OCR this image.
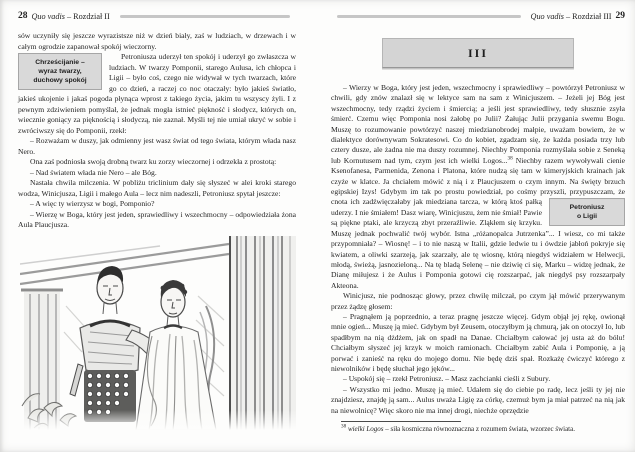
28 Quo vadis – Rozdział II

sów uczyniły się jeszcze wyrazistsze niż w dzień biały, zaś w ludziach, w drzewach i w całym ogrodzie zapanował spokój wieczorny.

Chrześcijanie –
wyraz twarzy,
duchowy spokój

Petroniusza uderzył ten spokój i uderzył go zwłaszcza w ludziach. W twarzy Pomponii, starego Aulusa, ich chłopca i Ligii – było coś, czego nie widywał w tych twarzach, które go co dzień, a raczej co noc otaczały: było jakieś światło, jakieś ukojenie i jakaś pogoda płynąca wprost z takiego życia, jakim tu wszyscy żyli. I z pewnym zdziwieniem pomyślał, że jednak mogła istnieć piękność i słodycz, których on, wiecznie goniący za pięknością i słodyczą, nie zaznał. Myśli tej nie umiał ukryć w sobie i zwróciwszy się do Pomponii, rzekł:

– Rozważam w duszy, jak odmienny jest wasz świat od tego świata, którym włada nasz Nero.

Ona zaś podniosła swoją drobną twarz ku zorzy wieczornej i odrzekła z prostotą:

– Nad światem włada nie Nero – ale Bóg.

Nastała chwila milczenia. W pobliżu triclinium dały się słyszeć w alei kroki starego wodza, Winicjusza, Ligii i małego Aula – lecz nim nadeszli, Petroniusz spytał jeszcze:

– A więc ty wierzysz w bogi, Pomponio?

– Wierzę w Boga, który jest jeden, sprawiedliwy i wszechmocny – odpowiedziała żona Aula Plaucjusza.

Quo vadis – Rozdział III 29
III

– Wierzy w Boga, który jest jeden, wszechmocny i sprawiedliwy – powtórzył Petroniusz w chwili, gdy znów znalazł się w lektyce sam na sam z Winicjuszem. – Jeżeli jej Bóg jest wszechmocny, tedy rządzi życiem i śmiercią; a jeśli jest sprawiedliwy, tedy słusznie zsyła śmierć. Czemu więc Pomponia nosi żałobę po Julii? Żałując Julii przygania swemu Bogu. Muszę to rozumowanie powtórzyć naszej miedzianobrodej małpie, uważam bowiem, że w dialektyce dorównywam Sokratesowi. Co do kobiet, zgadzam się, że każda posiada trzy lub cztery dusze, ale żadna nie ma duszy rozumnej. Niechby Pomponia rozmyślała sobie z Seneką lub Kornutusem nad tym, czym jest ich wielki Logos...$^{38}$ Niechby razem wywoływali cienie Ksenofanesa, Parmenida, Zenona i Platona, które nudzą się tam w kimeryjskich krainach jak czyże w klatce. Ja chciałem mówić z nią i z Plaucjuszem o czym innym. Na święty brzuch egipskiej Izys! Gdybym im tak po prostu powiedział, po cośmy przyszli, przypuszczam, że
Petroniusz
o Ligii
cnota ich zadźwięczałaby jak miedziana tarcza, w którą ktoś pałką uderzy. I nie śmiałem! Dasz wiarę, Winicjuszu, żem nie śmiał! Pawie są piękne ptaki, ale krzyczą zbyt przeraźliwie. Zląkłem się krzyku. Muszę jednak pochwalić twój wybór. Istna „różanopalca Jutrzenka”... I wiesz, co mi także przypomniała? – Wiosnę! – i to nie naszą w Italii, gdzie ledwie tu i ówdzie jabłoń pokryje się kwiatem, a oliwki szarzeją, jak szarzały, ale tę wiosnę, którą niegdyś widziałem w Helwecji, młodą, świeżą, jasnozieloną... Na tę bladą Selenę – nie dziwię ci się, Marku – widzę jednak, że Dianę miłujesz i że Aulus i Pomponia gotowi cię rozszarpać, jak niegdyś psy rozszarpały Akteona.

Winicjusz, nie podnosząc głowy, przez chwilę milczał, po czym jął mówić przerywanym przez żądzę głosem:

– Pragnąłem ją poprzednio, a teraz pragnę jeszcze więcej. Gdym objął jej rękę, owionął mnie ogień... Muszę ją mieć. Gdybym był Zeusem, otoczyłbym ją chmurą, jak on otoczył Io, lub spadłbym na nią dżdżem, jak on spadł na Danae. Chciałbym całować jej usta aż do bólu! Chciałbym słyszeć jej krzyk w moich ramionach. Chciałbym zabić Aula i Pomponię, a ją porwać i zanieść na ręku do mojego domu. Nie będę dziś spał. Rozkażę ćwiczyć którego z niewolników i będę słuchał jego jęków...

– Uspokój się – rzekł Petroniusz. – Masz zachcianki cieśli z Subury.

– Wszystko mi jedno. Muszę ją mieć. Udałem się do ciebie po radę, lecz jeśli ty jej nie znajdziesz, znajdę ją sam... Aulus uważa Ligię za córkę, czemuż bym ja miał patrzeć na nią jak na niewolnicę? Więc skoro nie ma innej drogi, niechże oprzędzie

$^{38}$ wielki Logos – siła kosmiczna równoznaczna z rozumem świata, wzorzec świata.
